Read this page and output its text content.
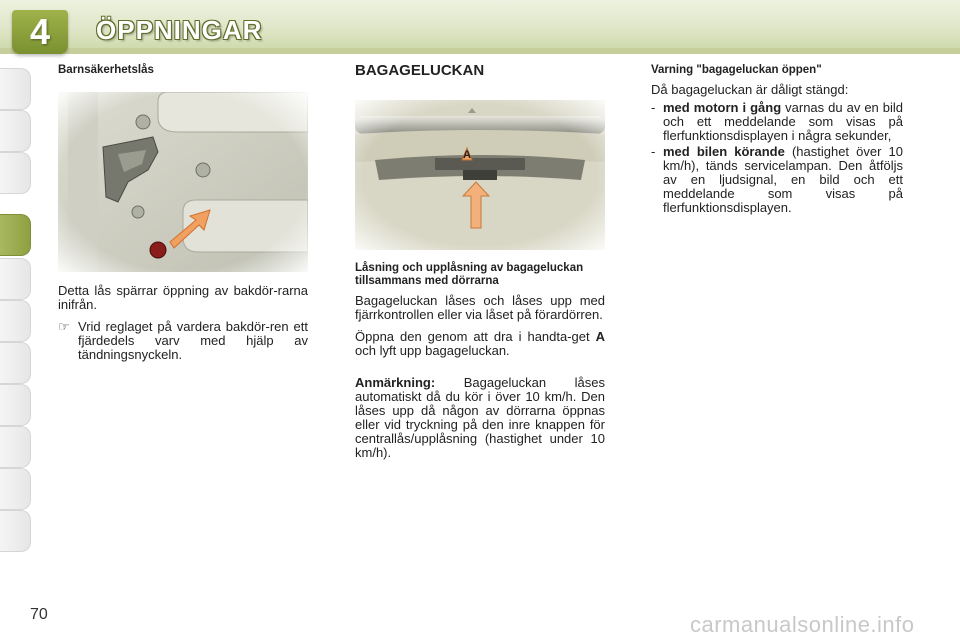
4 ÖPPNINGAR
Barnsäkerhetslås

Detta lås spärrar öppning av bakdör-rarna inifrån.

☞ Vrid reglaget på vardera bakdör-ren ett fjärdedels varv med hjälp av tändningsnyckeln.
BAGAGELUCKAN
Låsning och upplåsning av bagageluckan tillsammans med dörrarna

Bagageluckan låses och låses upp med fjärrkontrollen eller via låset på förardörren.

Öppna den genom att dra i handta-get A och lyft upp bagageluckan.

Anmärkning: Bagageluckan låses automatiskt då du kör i över 10 km/h. Den låses upp då någon av dörrarna öppnas eller vid tryckning på den inre knappen för centrallås/upplåsning (hastighet under 10 km/h).

Varning "bagageluckan öppen"

Då bagageluckan är dåligt stängd:

- med motorn i gång varnas du av en bild och ett meddelande som visas på flerfunktionsdisplayen i några sekunder,
- med bilen körande (hastighet över 10 km/h), tänds servicelampan. Den åtföljs av en ljudsignal, en bild och ett meddelande som visas på flerfunktionsdisplayen.
70	carmanualsonline.info
